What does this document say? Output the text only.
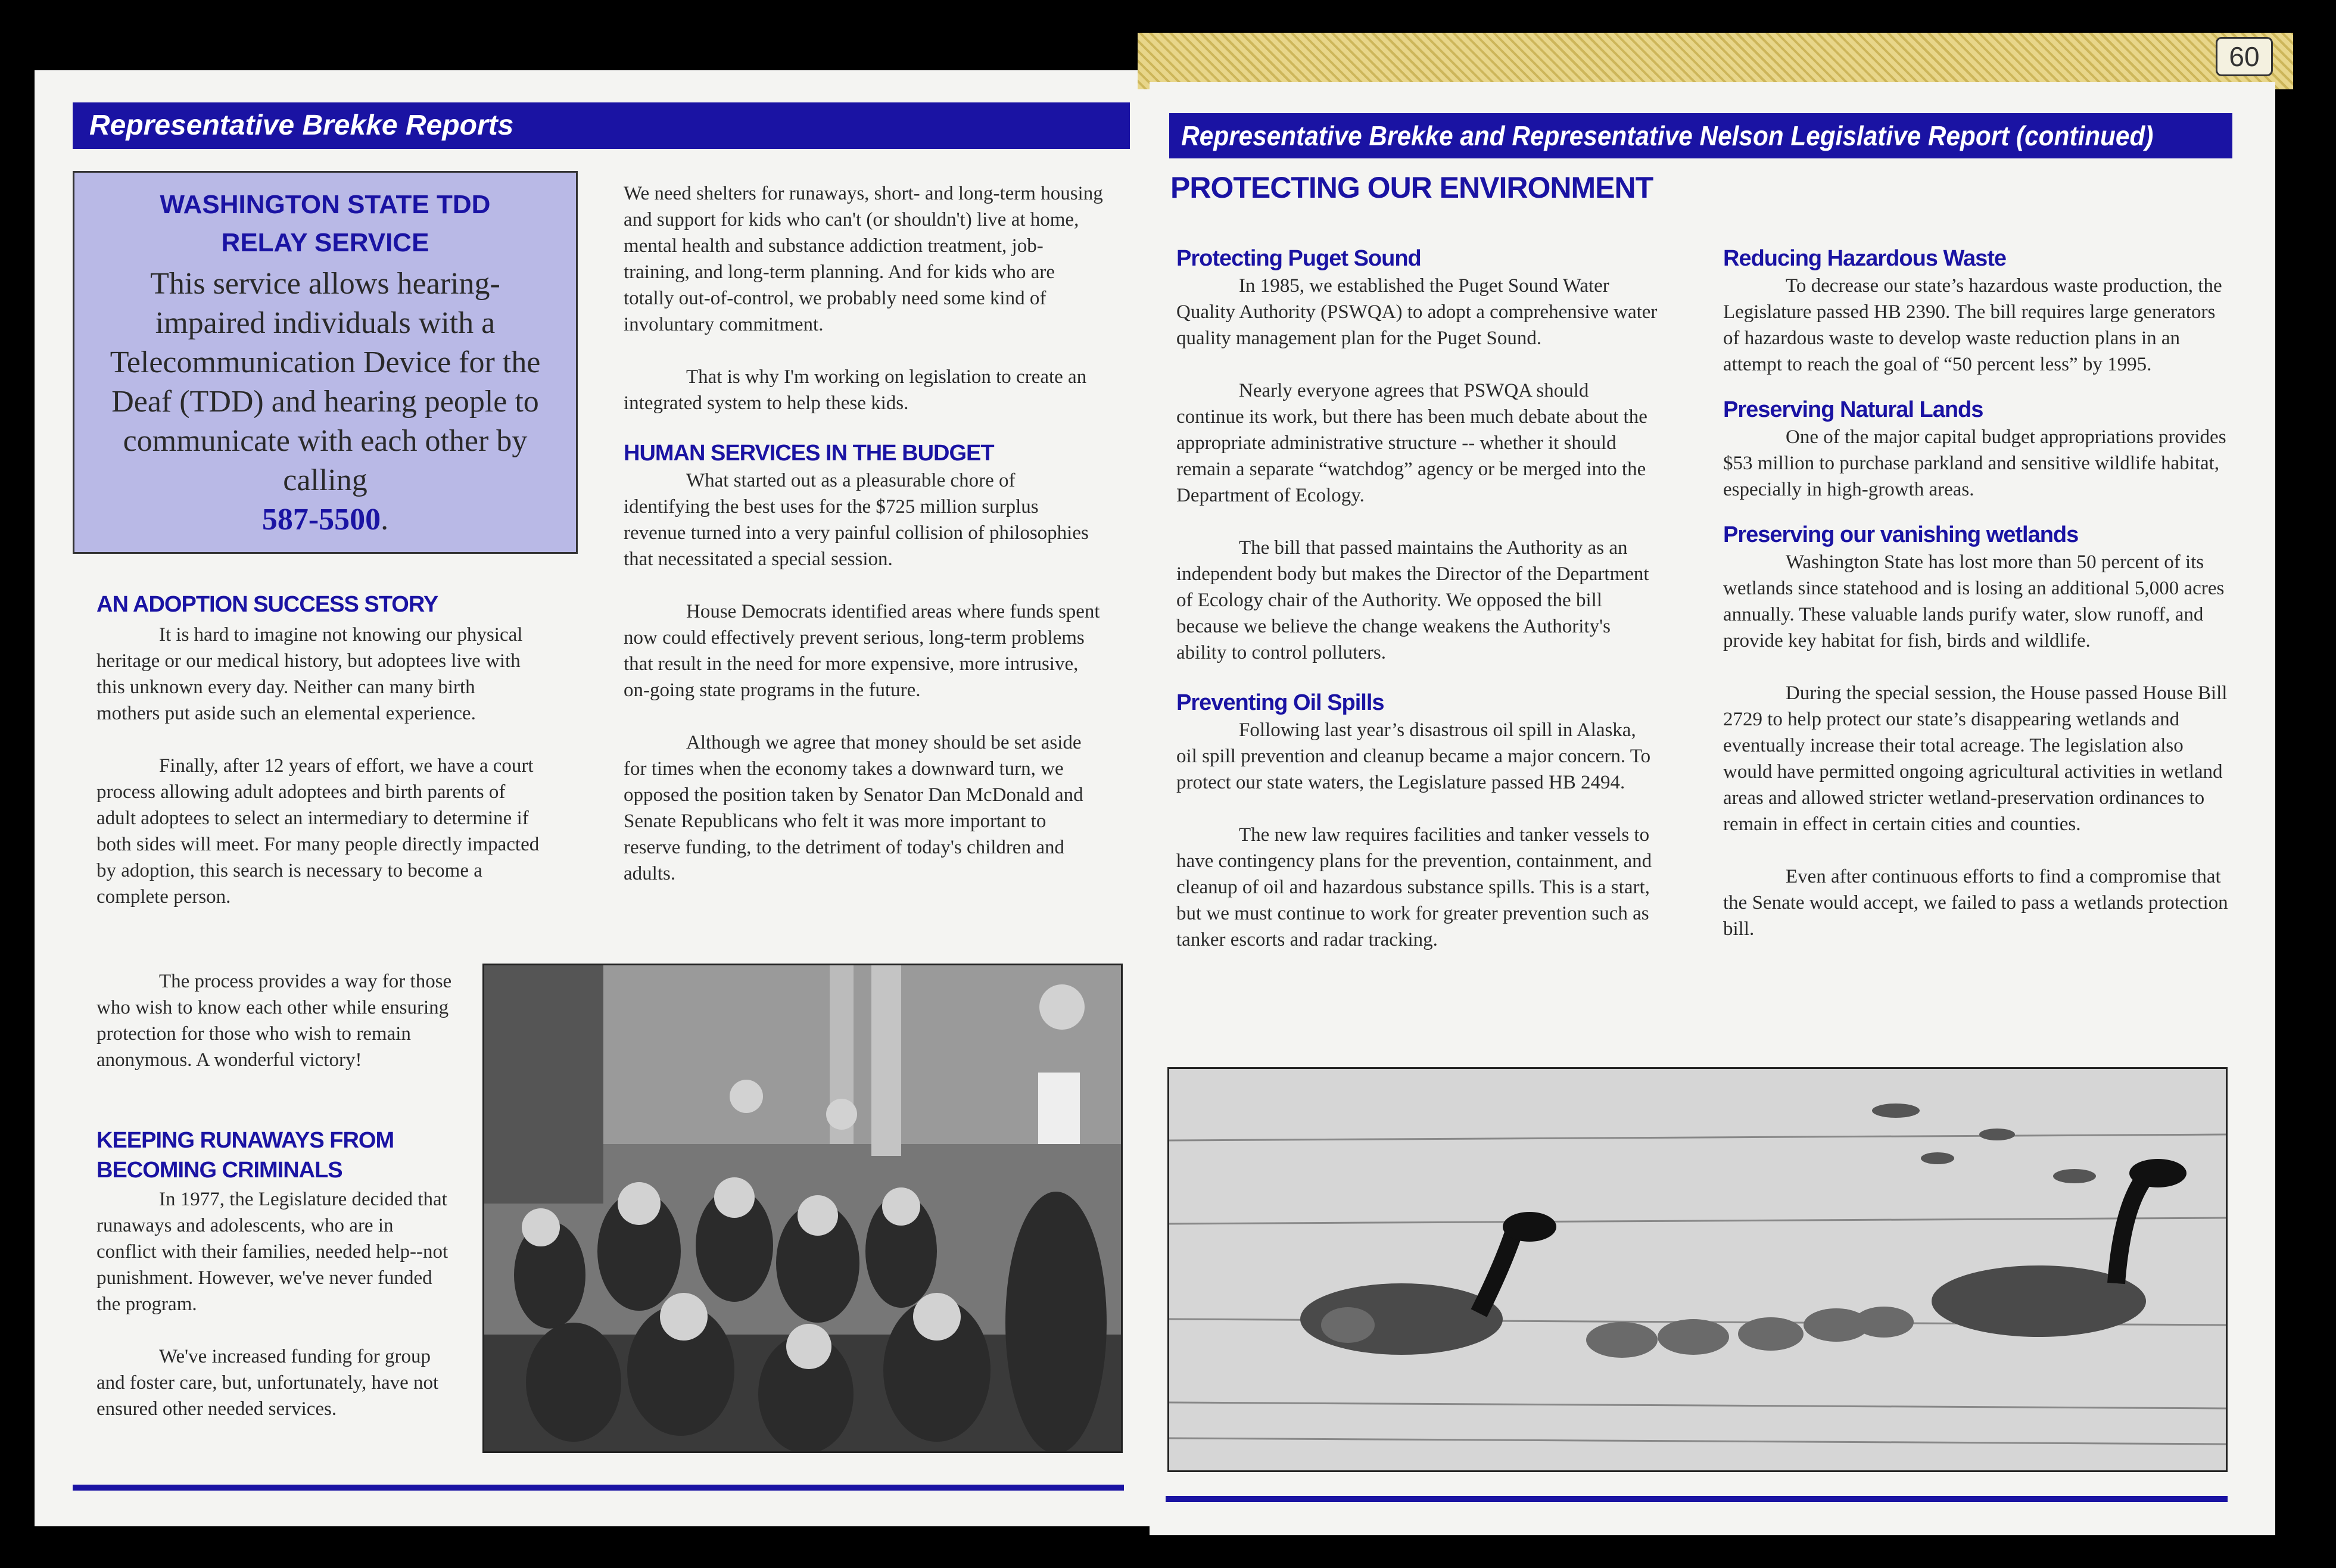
Representative Brekke Reports
WASHINGTON STATE TDD RELAY SERVICE
This service allows hearing-impaired individuals with a Telecommunication Device for the Deaf (TDD) and hearing people to communicate with each other by calling
587-5500.
AN ADOPTION SUCCESS STORY

It is hard to imagine not knowing our physical heritage or our medical history, but adoptees live with this unknown every day. Neither can many birth mothers put aside such an elemental experience.

Finally, after 12 years of effort, we have a court process allowing adult adoptees and birth parents of adult adoptees to select an intermediary to determine if both sides will meet. For many people directly impacted by adoption, this search is necessary to become a complete person.

The process provides a way for those who wish to know each other while ensuring protection for those who wish to remain anonymous. A wonderful victory!

KEEPING RUNAWAYS FROM BECOMING CRIMINALS

In 1977, the Legislature decided that runaways and adolescents, who are in conflict with their families, needed help--not punishment. However, we've never funded the program.

We've increased funding for group and foster care, but, unfortunately, have not ensured other needed services.

We need shelters for runaways, short- and long-term housing and support for kids who can't (or shouldn't) live at home, mental health and substance addiction treatment, job-training, and long-term planning. And for kids who are totally out-of-control, we probably need some kind of involuntary commitment.

That is why I'm working on legislation to create an integrated system to help these kids.

HUMAN SERVICES IN THE BUDGET

What started out as a pleasurable chore of identifying the best uses for the $725 million surplus revenue turned into a very painful collision of philosophies that necessitated a special session.

House Democrats identified areas where funds spent now could effectively prevent serious, long-term problems that result in the need for more expensive, more intrusive, on-going state programs in the future.

Although we agree that money should be set aside for times when the economy takes a downward turn, we opposed the position taken by Senator Dan McDonald and Senate Republicans who felt it was more important to reserve funding, to the detriment of today's children and adults.

60
Representative Brekke and Representative Nelson Legislative Report (continued)
PROTECTING OUR ENVIRONMENT
Protecting Puget Sound

In 1985, we established the Puget Sound Water Quality Authority (PSWQA) to adopt a comprehensive water quality management plan for the Puget Sound.

Nearly everyone agrees that PSWQA should continue its work, but there has been much debate about the appropriate administrative structure -- whether it should remain a separate “watchdog” agency or be merged into the Department of Ecology.

The bill that passed maintains the Authority as an independent body but makes the Director of the Department of Ecology chair of the Authority. We opposed the bill because we believe the change weakens the Authority's ability to control polluters.

Preventing Oil Spills

Following last year’s disastrous oil spill in Alaska, oil spill prevention and cleanup became a major concern. To protect our state waters, the Legislature passed HB 2494.

The new law requires facilities and tanker vessels to have contingency plans for the prevention, containment, and cleanup of oil and hazardous substance spills. This is a start, but we must continue to work for greater prevention such as tanker escorts and radar tracking.

Reducing Hazardous Waste

To decrease our state’s hazardous waste production, the Legislature passed HB 2390. The bill requires large generators of hazardous waste to develop waste reduction plans in an attempt to reach the goal of “50 percent less” by 1995.

Preserving Natural Lands

One of the major capital budget appropriations provides $53 million to purchase parkland and sensitive wildlife habitat, especially in high-growth areas.

Preserving our vanishing wetlands

Washington State has lost more than 50 percent of its wetlands since statehood and is losing an additional 5,000 acres annually. These valuable lands purify water, slow runoff, and provide key habitat for fish, birds and wildlife.

During the special session, the House passed House Bill 2729 to help protect our state’s disappearing wetlands and eventually increase their total acreage. The legislation also would have permitted ongoing agricultural activities in wetland areas and allowed stricter wetland-preservation ordinances to remain in effect in certain cities and counties.

Even after continuous efforts to find a compromise that the Senate would accept, we failed to pass a wetlands protection bill.
